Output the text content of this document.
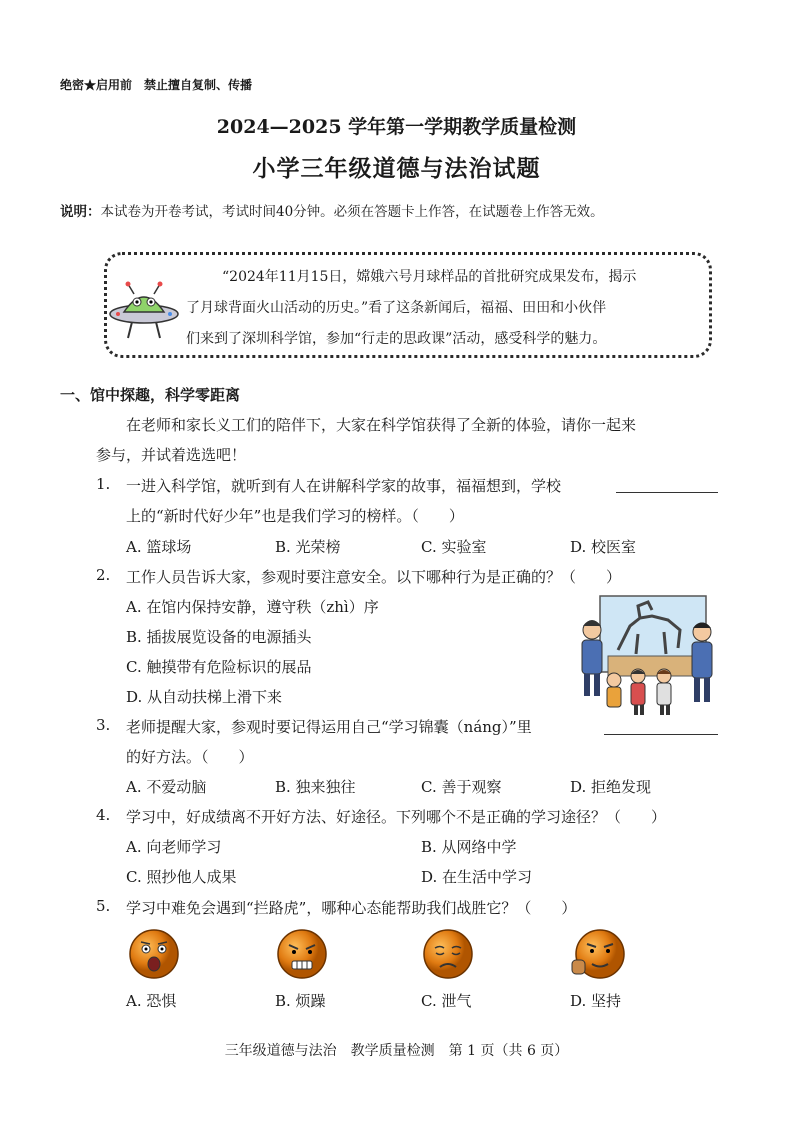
绝密★启用前　禁止擅自复制、传播
2024—2025 学年第一学期教学质量检测
小学三年级道德与法治试题
说明：本试卷为开卷考试，考试时间40分钟。必须在答题卡上作答，在试题卷上作答无效。
“2024年11月15日，嫦娥六号月球样品的首批研究成果发布，揭示
了月球背面火山活动的历史。”看了这条新闻后，福福、田田和小伙伴
们来到了深圳科学馆，参加“行走的思政课”活动，感受科学的魅力。
一、馆中探趣，科学零距离
在老师和家长义工们的陪伴下，大家在科学馆获得了全新的体验，请你一起来
参与，并试着选选吧！
1. 一进入科学馆，就听到有人在讲解科学家的故事，福福想到，学校
上的“新时代好少年”也是我们学习的榜样。（　　）
A. 篮球场	B. 光荣榜	C. 实验室	D. 校医室
2. 工作人员告诉大家，参观时要注意安全。以下哪种行为是正确的？（　　）
A. 在馆内保持安静，遵守秩（zhì）序
B. 插拔展览设备的电源插头
C. 触摸带有危险标识的展品
D. 从自动扶梯上滑下来
3. 老师提醒大家，参观时要记得运用自己“学习锦囊（náng）”里
的好方法。（　　）
A. 不爱动脑	B. 独来独往	C. 善于观察	D. 拒绝发现
4. 学习中，好成绩离不开好方法、好途径。下列哪个不是正确的学习途径？（　　）
A. 向老师学习	B. 从网络中学
C. 照抄他人成果	D. 在生活中学习
5. 学习中难免会遇到“拦路虎”，哪种心态能帮助我们战胜它？（　　）
A. 恐惧	B. 烦躁	C. 泄气	D. 坚持
三年级道德与法治　教学质量检测　第 1 页（共 6 页）
